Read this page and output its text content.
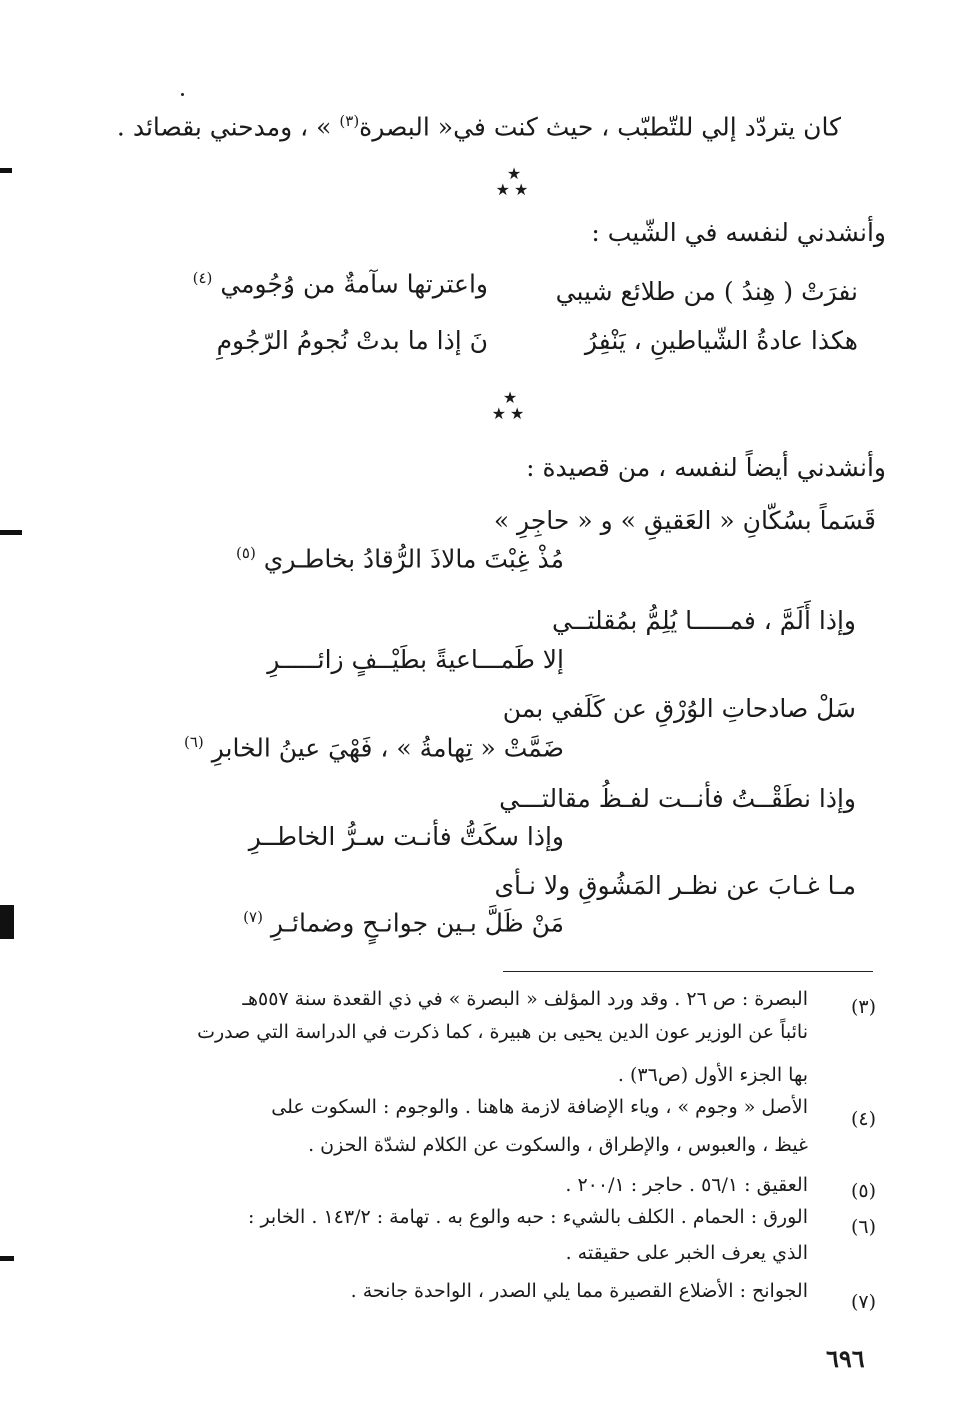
كان يتردّد إلي للتّطبّب ، حيث كنت في« البصرة$^{(٣)}$ » ، ومدحني بقصائد .
★
★★
وأنشدني لنفسه في الشّيب :
نفرَتْ ( هِندُ ) من طلائع شيبي
واعترتها سآمةٌ من وُجُومي $^{(٤)}$
هكذا عادةُ الشّياطينِ ، يَنْفِرُ
نَ إذا ما بدتْ نُجومُ الرّجُومِ
★
★★
وأنشدني أيضاً لنفسه ، من قصيدة :
قَسَماً بسُكّانِ « العَقيقِ » و « حاجِرِ »
مُذْ غِبْتَ مالاذَ الرُّقادُ بخاطـري $^{(٥)}$
وإذا أَلَمَّ ، فمـــــا يُلِمُّ بمُقلتــي
إلا طَمـــاعيةً بطَيْــفٍ زائـــــرِ
سَلْ صادحاتِ الوُرْقِ عن كَلَفي بمن
ضَمَّتْ « تِهامةُ » ، فَهْيَ عينُ الخابرِ $^{(٦)}$
وإذا نطَقْــتُ فأنــت لفـظُ مقالتـــي
وإذا سكَتُّ فأنـت سـرُّ الخاطــرِ
مـا غـابَ عن نظـر المَشُوقِ ولا نـأى
مَنْ ظَلَّ بـين جوانـحٍ وضمائـرِ $^{(٧)}$
(٣)
البصرة : ص ٢٦ . وقد ورد المؤلف « البصرة » في ذي القعدة سنة ٥٥٧هـ
نائباً عن الوزير عون الدين يحيى بن هبيرة ، كما ذكرت في الدراسة التي صدرت
بها الجزء الأول (ص٣٦) .
(٤)
الأصل « وجوم » ، وياء الإضافة لازمة هاهنا . والوجوم : السكوت على
غيظ ، والعبوس ، والإطراق ، والسكوت عن الكلام لشدّة الحزن .
(٥)
العقيق : ٥٦/١ . حاجر : ٢٠٠/١ .
(٦)
الورق : الحمام . الكلف بالشيء : حبه والوع به . تهامة : ١٤٣/٢ . الخابر :
الذي يعرف الخبر على حقيقته .
(٧)
الجوانح : الأضلاع القصيرة مما يلي الصدر ، الواحدة جانحة .
٦٩٦
